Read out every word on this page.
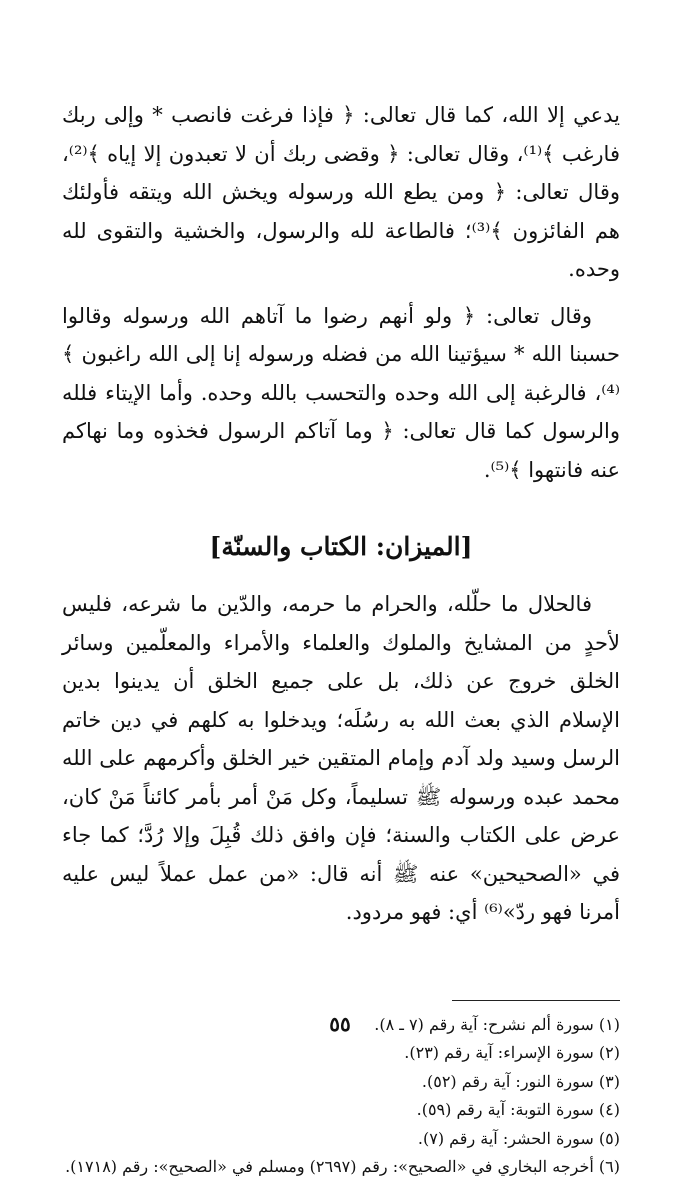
يدعي إلا الله، كما قال تعالى: ﴿ فإذا فرغت فانصب * وإلى ربك فارغب ﴾⁽¹⁾، وقال تعالى: ﴿ وقضى ربك أن لا تعبدون إلا إياه ﴾⁽²⁾، وقال تعالى: ﴿ ومن يطع الله ورسوله ويخش الله ويتقه فأولئك هم الفائزون ﴾⁽³⁾؛ فالطاعة لله والرسول، والخشية والتقوى لله وحده.

وقال تعالى: ﴿ ولو أنهم رضوا ما آتاهم الله ورسوله وقالوا حسبنا الله * سيؤتينا الله من فضله ورسوله إنا إلى الله راغبون ﴾⁽⁴⁾، فالرغبة إلى الله وحده والتحسب بالله وحده. وأما الإيتاء فلله والرسول كما قال تعالى: ﴿ وما آتاكم الرسول فخذوه وما نهاكم عنه فانتهوا ﴾⁽⁵⁾.

[الميزان: الكتاب والسنّة]

فالحلال ما حلّله، والحرام ما حرمه، والدّين ما شرعه، فليس لأحدٍ من المشايخ والملوك والعلماء والأمراء والمعلّمين وسائر الخلق خروج عن ذلك، بل على جميع الخلق أن يدينوا بدين الإسلام الذي بعث الله به رسُلَه؛ ويدخلوا به كلهم في دين خاتم الرسل وسيد ولد آدم وإمام المتقين خير الخلق وأكرمهم على الله محمد عبده ورسوله ﷺ تسليماً، وكل مَنْ أمر بأمر كائناً مَنْ كان، عرض على الكتاب والسنة؛ فإن وافق ذلك قُبِلَ وإلا رُدَّ؛ كما جاء في «الصحيحين» عنه ﷺ أنه قال: «من عمل عملاً ليس عليه أمرنا فهو ردّ»⁽⁶⁾ أي: فهو مردود.

(١) سورة ألم نشرح: آية رقم (٧ ـ ٨).

(٢) سورة الإسراء: آية رقم (٢٣).

(٣) سورة النور: آية رقم (٥٢).

(٤) سورة التوبة: آية رقم (٥٩).

(٥) سورة الحشر: آية رقم (٧).

(٦) أخرجه البخاري في «الصحيح»: رقم (٢٦٩٧) ومسلم في «الصحيح»: رقم (١٧١٨).

٥٥
